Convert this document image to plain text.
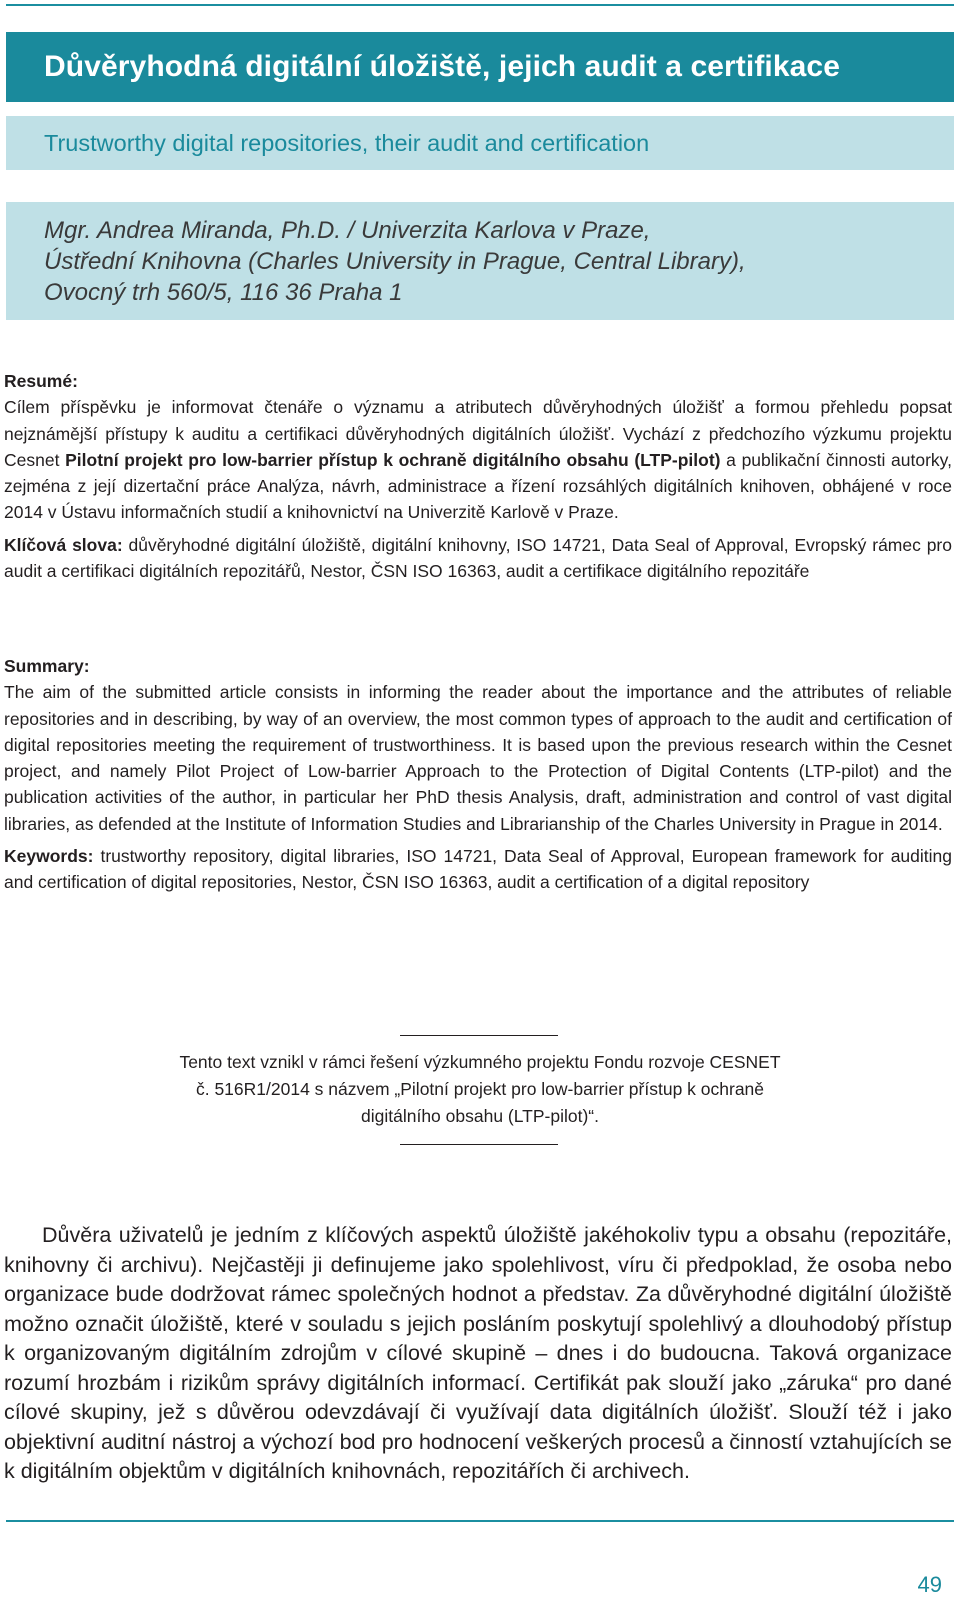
Důvěryhodná digitální úložiště, jejich audit a certifikace
Trustworthy digital repositories, their audit and certification

Mgr. Andrea Miranda, Ph.D. / Univerzita Karlova v Praze,
Ústřední Knihovna (Charles University in Prague, Central Library),
Ovocný trh 560/5, 116 36 Praha 1

Resumé:

Cílem příspěvku je informovat čtenáře o významu a atributech důvěryhodných úložišť a formou přehledu popsat nejznámější přístupy k auditu a certifikaci důvěryhodných digitálních úložišť. Vychází z předchozího výzkumu projektu Cesnet Pilotní projekt pro low-barrier přístup k ochraně digitálního obsahu (LTP-pilot) a publikační činnosti autorky, zejména z její dizertační práce Analýza, návrh, administrace a řízení rozsáhlých digitálních knihoven, obhájené v roce 2014 v Ústavu informačních studií a knihovnictví na Univerzitě Karlově v Praze.

Klíčová slova: důvěryhodné digitální úložiště, digitální knihovny, ISO 14721, Data Seal of Approval, Evropský rámec pro audit a certifikaci digitálních repozitářů, Nestor, ČSN ISO 16363, audit a certifikace digitálního repozitáře

Summary:

The aim of the submitted article consists in informing the reader about the importance and the attributes of reliable repositories and in describing, by way of an overview, the most common types of approach to the audit and certification of digital repositories meeting the requirement of trustworthiness. It is based upon the previous research within the Cesnet project, and namely Pilot Project of Low-barrier Approach to the Protection of Digital Contents (LTP-pilot) and the publication activities of the author, in particular her PhD thesis Analysis, draft, administration and control of vast digital libraries, as defended at the Institute of Information Studies and Librarianship of the Charles University in Prague in 2014.

Keywords: trustworthy repository, digital libraries, ISO 14721, Data Seal of Approval, European framework for auditing and certification of digital repositories, Nestor, ČSN ISO 16363, audit a certification of a digital repository

Tento text vznikl v rámci řešení výzkumného projektu Fondu rozvoje CESNET
č. 516R1/2014 s názvem „Pilotní projekt pro low-barrier přístup k ochraně
digitálního obsahu (LTP-pilot)“.

Důvěra uživatelů je jedním z klíčových aspektů úložiště jakéhokoliv typu a obsahu (repozitáře, knihovny či archivu). Nejčastěji ji definujeme jako spolehlivost, víru či předpoklad, že osoba nebo organizace bude dodržovat rámec společných hodnot a představ. Za důvěryhodné digitální úložiště možno označit úložiště, které v souladu s jejich posláním poskytují spolehlivý a dlouhodobý přístup k organizovaným digitálním zdrojům v cílové skupině – dnes i do budoucna. Taková organizace rozumí hrozbám i rizikům správy digitálních informací. Certifikát pak slouží jako „záruka“ pro dané cílové skupiny, jež s důvěrou odevzdávají či využívají data digitálních úložišť. Slouží též i jako objektivní auditní nástroj a výchozí bod pro hodnocení veškerých procesů a činností vztahujících se k digitálním objektům v digitálních knihovnách, repozitářích či archivech.

49
